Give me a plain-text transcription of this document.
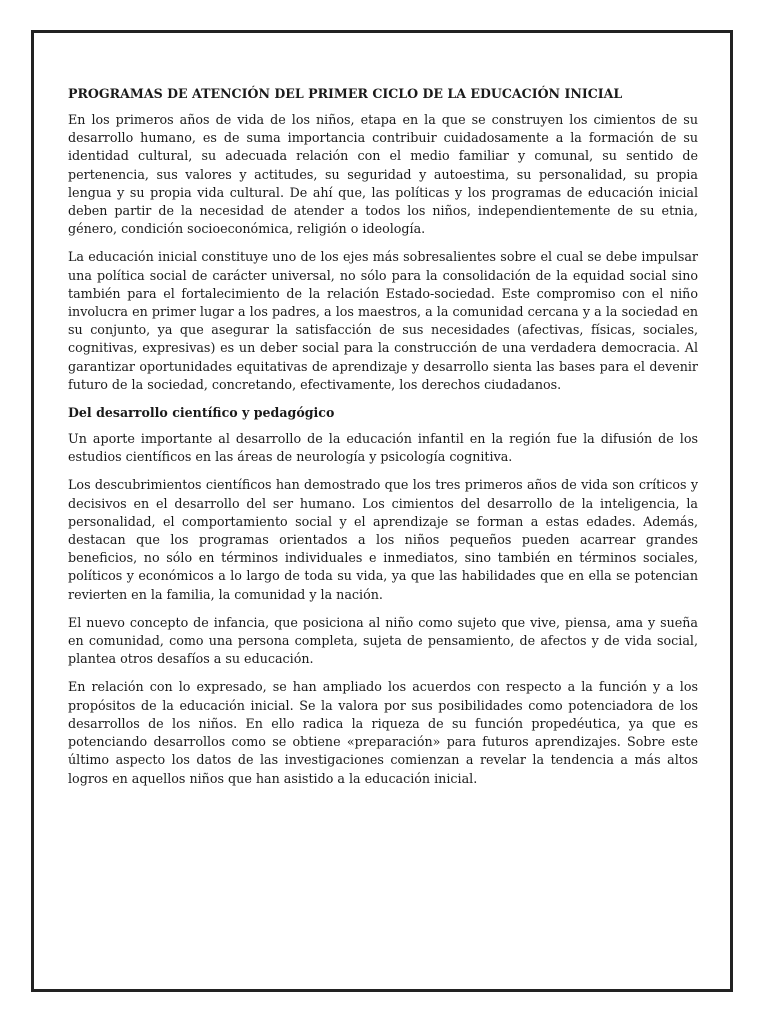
PROGRAMAS DE ATENCIÓN DEL PRIMER CICLO DE LA EDUCACIÓN INICIAL

En los primeros años de vida de los niños, etapa en la que se construyen los cimientos de su desarrollo humano, es de suma importancia contribuir cuidadosamente a la formación de su identidad cultural, su adecuada relación con el medio familiar y comunal, su sentido de pertenencia, sus valores y actitudes, su seguridad y autoestima, su personalidad, su propia lengua y su propia vida cultural. De ahí que, las políticas y los programas de educación inicial deben partir de la necesidad de atender a todos los niños, independientemente de su etnia, género, condición socioeconómica, religión o ideología.

La educación inicial constituye uno de los ejes más sobresalientes sobre el cual se debe impulsar una política social de carácter universal, no sólo para la consolidación de la equidad social sino también para el fortalecimiento de la relación Estado-sociedad. Este compromiso con el niño involucra en primer lugar a los padres, a los maestros, a la comunidad cercana y a la sociedad en su conjunto, ya que asegurar la satisfacción de sus necesidades (afectivas, físicas, sociales, cognitivas, expresivas) es un deber social para la construcción de una verdadera democracia. Al garantizar oportunidades equitativas de aprendizaje y desarrollo sienta las bases para el devenir futuro de la sociedad, concretando, efectivamente, los derechos ciudadanos.

Del desarrollo científico y pedagógico

Un aporte importante al desarrollo de la educación infantil en la región fue la difusión de los estudios científicos en las áreas de neurología y psicología cognitiva.

Los descubrimientos científicos han demostrado que los tres primeros años de vida son críticos y decisivos en el desarrollo del ser humano. Los cimientos del desarrollo de la inteligencia, la personalidad, el comportamiento social y el aprendizaje se forman a estas edades. Además, destacan que los programas orientados a los niños pequeños pueden acarrear grandes beneficios, no sólo en términos individuales e inmediatos, sino también en términos sociales, políticos y económicos a lo largo de toda su vida, ya que las habilidades que en ella se potencian revierten en la familia, la comunidad y la nación.

El nuevo concepto de infancia, que posiciona al niño como sujeto que vive, piensa, ama y sueña en comunidad, como una persona completa, sujeta de pensamiento, de afectos y de vida social, plantea otros desafíos a su educación.

En relación con lo expresado, se han ampliado los acuerdos con respecto a la función y a los propósitos de la educación inicial. Se la valora por sus posibilidades como potenciadora de los desarrollos de los niños. En ello radica la riqueza de su función propedéutica, ya que es potenciando desarrollos como se obtiene «preparación» para futuros aprendizajes. Sobre este último aspecto los datos de las investigaciones comienzan a revelar la tendencia a más altos logros en aquellos niños que han asistido a la educación inicial.
